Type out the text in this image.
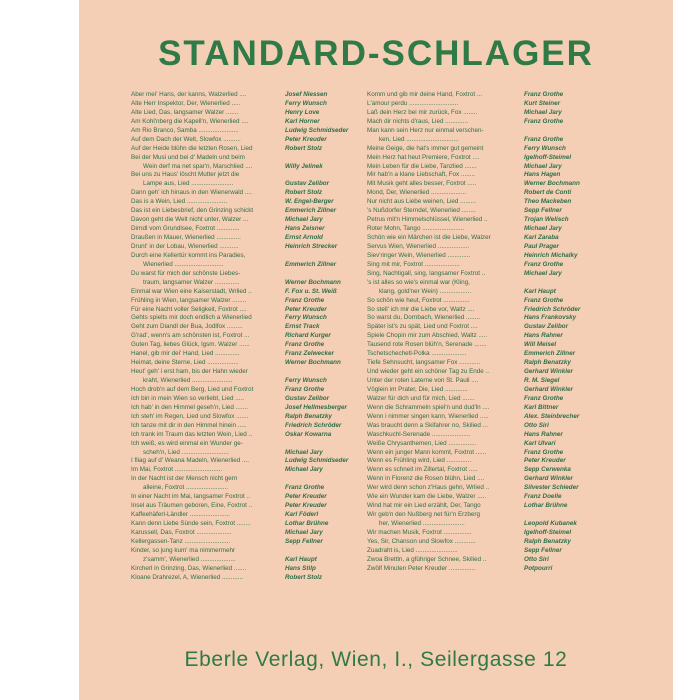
STANDARD-SCHLAGER
Aber mei' Hans, der kanns, Walzerlied ....	Josef Niessen
Alte Herr Inspektor, Der, Wienerlied .....	Ferry Wunsch
Alte Lied, Das, langsamer Walzer .......	Henry Love
Am Kohl'nberg die Kapell'n, Wienerlied ....	Karl Horner
Am Rio Branco, Samba .......................	Ludwig Schmidseder
Auf dem Dach der Welt, Slowfox ..........	Peter Kreuder
Auf der Heide blühn die letzten Rosen, Lied	Robert Stolz
Bei der Musi und bei d' Madeln und beim
Wein derf ma net spar'n, Marschlied ....	Willy Jelinek
Bei uns zu Haus' löscht Mutter jetzt die
Lampe aus, Lied ........................	Gustav Zelibor
Dann geh' ich hinaus in den Wienerwald ....	Robert Stolz
Das is a Wein, Lied .......................	W. Engel-Berger
Das ist ein Liebesbrief, den Grinzing schickt	Emmerich Zillner
Davon geht die Welt nicht unter, Walzer ...	Michael Jary
Dirndl vom Grundlsee, Foxtrot .............	Hans Zeisner
Draußen in Mauer, Wienerlied ..............	Ernst Arnold
Drunt' in der Lobau, Wienerlied ...........	Heinrich Strecker
Durch eine Kellertür kommt ins Paradies,
Wienerlied ............................	Emmerich Zillner
Du warst für mich der schönste Liebes-
traum, langsamer Walzer ..............	Werner Bochmann
Einmal war Wien eine Kaiserstadt, Wrlied ..	F. Fox u. St. Weiß
Frühling in Wien, langsamer Walzer ........	Franz Grothe
Für eine Nacht voller Seligkeit, Foxtrot ....	Peter Kreuder
Gehts spielts mir doch endlich a Wienerlied	Ferry Wunsch
Geht zum Diandl der Bua, Jodlfox .........	Ernst Track
G'rad', wenn's am schönsten ist, Foxtrot ...	Richard Kurger
Guten Tag, liebes Glück, lgsm. Walzer ......	Franz Grothe
Hanel, gib mir dei' Hand, Lied ..............	Franz Zelwecker
Heimat, deine Sterne, Lied ..................	Werner Bochmann
Heut' geh' i erst ham, bis der Hahn wieder
kraht, Wienerlied .......................	Ferry Wunsch
Hoch drob'n auf dem Berg, Lied und Foxtrot	Franz Grothe
Ich bin in mein Wien so verliebt, Lied .....	Gustav Zelibor
Ich hab' in den Himmel geseh'n, Lied .......	Josef Hellmesberger
Ich steh' im Regen, Lied und Slowfox .......	Ralph Benatzky
Ich tanze mit dir in den Himmel hinein .....	Friedrich Schröder
Ich trank im Traum das letzten Wein, Lied ..	Oskar Kowarna
Ich weiß, es wird einmal ein Wunder ge-
scheh'n, Lied ...........................	Michael Jary
I fliag auf d' Weana Madeln, Wienerlied ....	Ludwig Schmidseder
Im Mai, Foxtrot ...........................	Michael Jary
In der Nacht ist der Mensch nicht gern
alleine, Foxtrot ........................	Franz Grothe
In einer Nacht im Mai, langsamer Foxtrot ..	Peter Kreuder
Insel aus Träumen geboren, Eine, Foxtrot ..	Peter Kreuder
Kaffeehäferl-Ländler .......................	Karl Föderl
Kann denn Liebe Sünde sein, Foxtrot ........	Lothar Brühne
Karussell, Das, Foxtrot ....................	Michael Jary
Kellergassen-Tanz ..........................	Sepp Fellner
Kinder, so jung kum' ma nimmermehr
z'samm', Wienerlied ....................	Karl Haupt
Kircherl in Grinzing, Das, Wienerlied .......	Hans Stilp
Kloane Drahrezel, A, Wienerlied ............	Robert Stolz
Komm und gib mir deine Hand, Foxtrot ...	Franz Grothe
L'amour perdu ............................	Kurt Steiner
Laß dein Herz bei mir zurück, Fox ........	Michael Jary
Mach dir nichts d'raus, Lied .............	Franz Grothe
Man kann sein Herz nur einmal verschen-
ken, Lied ..............................	Franz Grothe
Meine Geige, die hat's immer gut gemeint	Ferry Wunsch
Mein Herz hat heut Premiere, Foxtrot ....	Igelhoff-Steimel
Mein Leben für die Liebe, Tanzlied .......	Michael Jary
Mir hab'n a klane Liebschaft, Fox ........	Hans Hagen
Mit Musik geht alles besser, Foxtrot .....	Werner Bochmann
Mond, Der, Wienerlied ....................	Robert de Conti
Nur nicht aus Liebe weinen, Lied .........	Theo Mackeben
's Nußdorfer Sterndel, Wienerlied ........	Sepp Fellner
Petrus mit'n Himmelschlüssel, Wienerlied ..	Trojan Welisch
Roter Mohn, Tango ........................	Michael Jary
Schön wie ein Märchen ist die Liebe, Walzer	Karl Zaraba
Servus Wien, Wienerlied ..................	Paul Prager
Siev'ringer Wein, Wienerlied .............	Heinrich Michalky
Sing mit mir, Foxtrot ....................	Franz Grothe
Sing, Nachtigall, sing, langsamer Foxtrot ..	Michael Jary
's ist alles so wie's einmal war (Kling,
klang, gold'ner Wein) ..................	Karl Haupt
So schön wie heut, Foxtrot ...............	Franz Grothe
So stell' ich mir die Liebe vor, Waltz ....	Friedrich Schröder
So warst du, Dornbach, Wienerlied ........	Hans Frankovsky
Später ist's zu spät, Lied und Foxtrot ....	Gustav Zelibor
Spiele Chopin mir zum Abschied, Waltz .....	Hans Rahner
Tausend rote Rosen blüh'n, Serenade .......	Will Meisel
Tschetschechetl-Polka ....................	Emmerich Zillner
Tiefe Sehnsucht, langsamer Fox ............	Ralph Benatzky
Und wieder geht ein schöner Tag zu Ende ..	Gerhard Winkler
Unter der roten Laterne von St. Pauli ....	R. M. Siegel
Vöglein im Prater, Die, Lied .............	Gerhard Winkler
Walzer für dich und für mich, Lied .......	Franz Grothe
Wenn die Schrammeln spiel'n und dud'ln ....	Karl Bittner
Wenn i nimmer singen kann, Wienerlied .....	Alex. Steinbrecher
Was braucht denn a Skifahrer no, Skilied ...	Otto Siri
Waschkuchl-Serenade ......................	Hans Rahner
Weiße Chrysanthemen, Lied ................	Karl Ulvari
Wenn ein junger Mann kommt, Foxtrot ......	Franz Grothe
Wenn es Frühling wird, Lied ..............	Peter Kreuder
Wenn es schneit im Zillertal, Foxtrot .....	Sepp Cerwenka
Wenn in Florenz die Rosen blühn, Lied ....	Gerhard Winkler
Wer wird denn schon z'Haus gehn, Wrlied ..	Silvester Schieder
Wie ein Wunder kam die Liebe, Walzer .....	Franz Doelle
Wind hat mir ein Lied erzählt, Der, Tango	Lothar Brühne
Wir geb'n den Nußberg net für'n Erzberg
her, Wienerlied ........................	Leopold Kubanek
Wir machen Musik, Foxtrot ................	Igelhoff-Steimel
Yes, Sir, Chanson und Slowfox ............	Ralph Benatzky
Zuadraht is, Lied ........................	Sepp Fellner
Zwoa Brettln, a gführiger Schnee, Skilied ..	Otto Siri
Zwölf Minuten Peter Kreuder ...............	Potpourri
Eberle Verlag, Wien, I., Seilergasse 12
